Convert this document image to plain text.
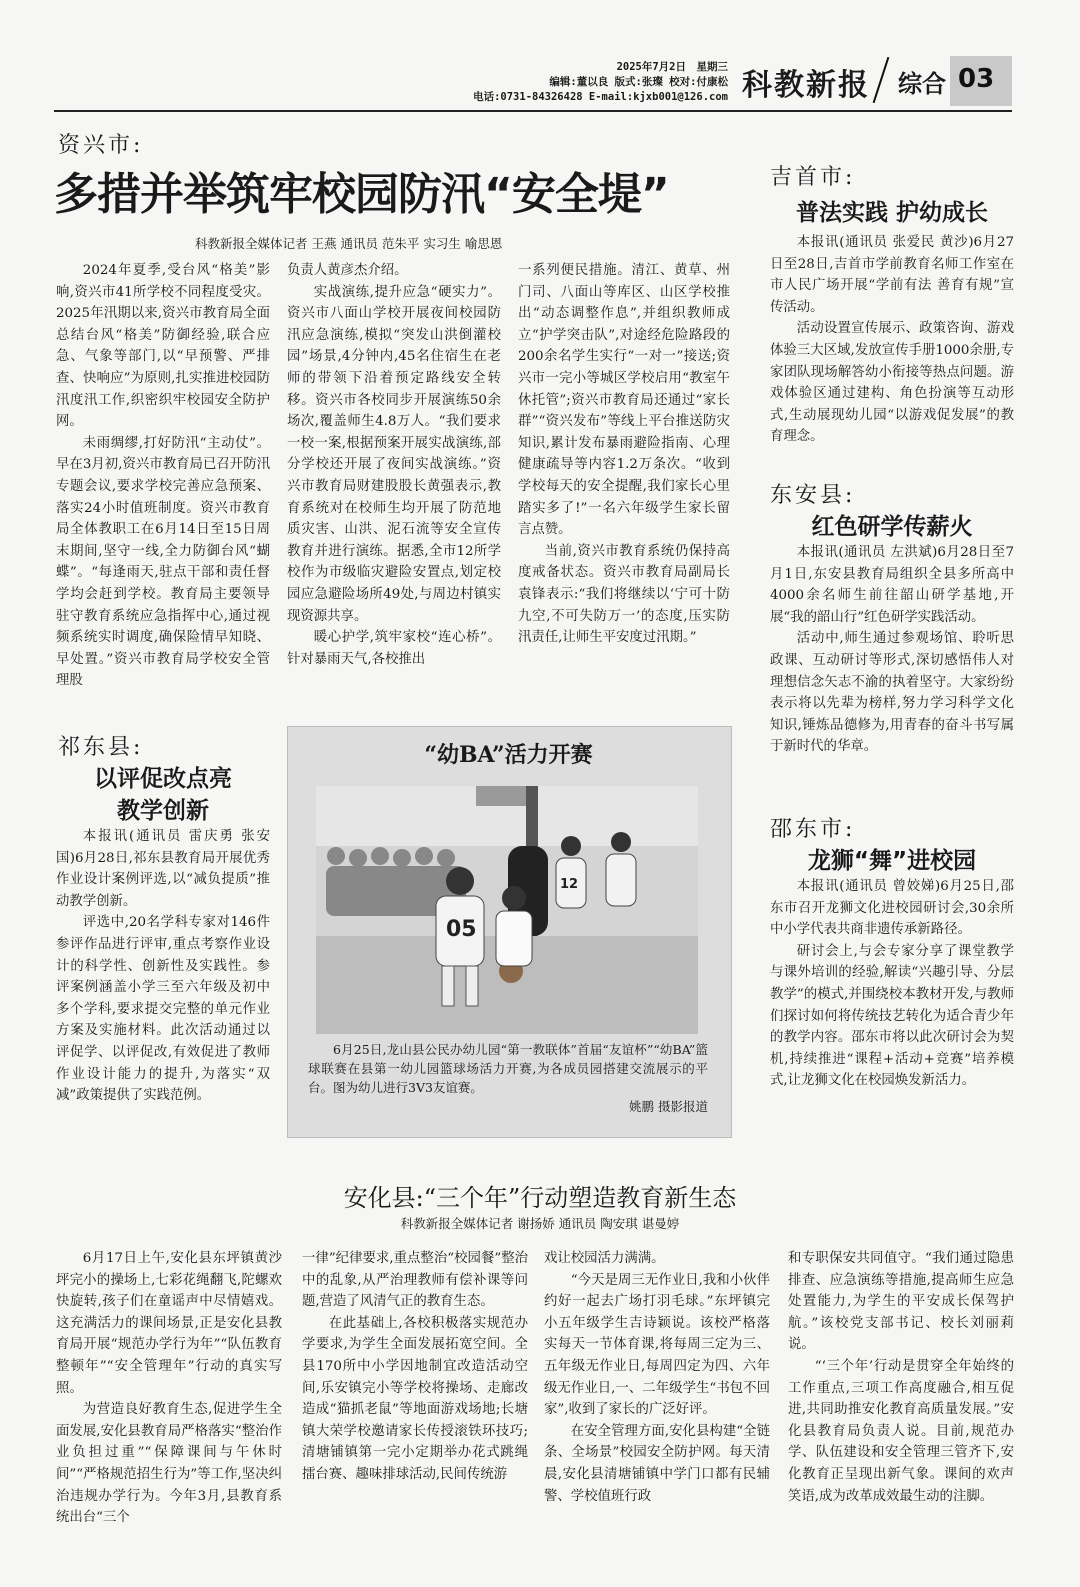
2025年7月2日　星期三
编辑:董以良 版式:张璨 校对:付康松
电话:0731-84326428 E-mail:kjxb001@126.com 科教新报 综合 03
资兴市:
多措并举筑牢校园防汛“安全堤”
科教新报全媒体记者 王燕 通讯员 范朱平 实习生 喻思恩

2024年夏季,受台风“格美”影响,资兴市41所学校不同程度受灾。2025年汛期以来,资兴市教育局全面总结台风“格美”防御经验,联合应急、气象等部门,以“早预警、严排查、快响应”为原则,扎实推进校园防汛度汛工作,织密织牢校园安全防护网。

未雨绸缪,打好防汛“主动仗”。早在3月初,资兴市教育局已召开防汛专题会议,要求学校完善应急预案、落实24小时值班制度。资兴市教育局全体教职工在6月14日至15日周末期间,坚守一线,全力防御台风“蝴蝶”。“每逢雨天,驻点干部和责任督学均会赶到学校。教育局主要领导驻守教育系统应急指挥中心,通过视频系统实时调度,确保险情早知晓、早处置。”资兴市教育局学校安全管理股

负责人黄彦杰介绍。

实战演练,提升应急“硬实力”。资兴市八面山学校开展夜间校园防汛应急演练,模拟“突发山洪倒灌校园”场景,4分钟内,45名住宿生在老师的带领下沿着预定路线安全转移。资兴市各校同步开展演练50余场次,覆盖师生4.8万人。“我们要求一校一案,根据预案开展实战演练,部分学校还开展了夜间实战演练。”资兴市教育局财建股股长黄强表示,教育系统对在校师生均开展了防范地质灾害、山洪、泥石流等安全宣传教育并进行演练。据悉,全市12所学校作为市级临灾避险安置点,划定校园应急避险场所49处,与周边村镇实现资源共享。

暖心护学,筑牢家校“连心桥”。针对暴雨天气,各校推出

一系列便民措施。清江、黄草、州门司、八面山等库区、山区学校推出“动态调整作息”,并组织教师成立“护学突击队”,对途经危险路段的200余名学生实行“一对一”接送;资兴市一完小等城区学校启用“教室午休托管”;资兴市教育局还通过“家长群”“资兴发布”等线上平台推送防灾知识,累计发布暴雨避险指南、心理健康疏导等内容1.2万条次。“收到学校每天的安全提醒,我们家长心里踏实多了!”一名六年级学生家长留言点赞。

当前,资兴市教育系统仍保持高度戒备状态。资兴市教育局副局长袁锋表示:“我们将继续以‘宁可十防九空,不可失防万一’的态度,压实防汛责任,让师生平安度过汛期。”

吉首市:
普法实践 护幼成长

本报讯(通讯员 张爱民 黄沙)6月27日至28日,吉首市学前教育名师工作室在市人民广场开展“学前有法 善育有规”宣传活动。

活动设置宣传展示、政策咨询、游戏体验三大区域,发放宣传手册1000余册,专家团队现场解答幼小衔接等热点问题。游戏体验区通过建构、角色扮演等互动形式,生动展现幼儿园“以游戏促发展”的教育理念。

东安县:
红色研学传薪火

本报讯(通讯员 左洪斌)6月28日至7月1日,东安县教育局组织全县多所高中4000余名师生前往韶山研学基地,开展“我的韶山行”红色研学实践活动。

活动中,师生通过参观场馆、聆听思政课、互动研讨等形式,深切感悟伟人对理想信念矢志不渝的执着坚守。大家纷纷表示将以先辈为榜样,努力学习科学文化知识,锤炼品德修为,用青春的奋斗书写属于新时代的华章。

邵东市:
龙狮“舞”进校园

本报讯(通讯员 曾姣娣)6月25日,邵东市召开龙狮文化进校园研讨会,30余所中小学代表共商非遗传承新路径。

研讨会上,与会专家分享了课堂教学与课外培训的经验,解读“兴趣引导、分层教学”的模式,并围绕校本教材开发,与教师们探讨如何将传统技艺转化为适合青少年的教学内容。邵东市将以此次研讨会为契机,持续推进“课程+活动+竞赛”培养模式,让龙狮文化在校园焕发新活力。

祁东县:
以评促改点亮
教学创新

本报讯(通讯员 雷庆勇 张安国)6月28日,祁东县教育局开展优秀作业设计案例评选,以“减负提质”推动教学创新。

评选中,20名学科专家对146件参评作品进行评审,重点考察作业设计的科学性、创新性及实践性。参评案例涵盖小学三至六年级及初中多个学科,要求提交完整的单元作业方案及实施材料。此次活动通过以评促学、以评促改,有效促进了教师作业设计能力的提升,为落实“双减”政策提供了实践范例。

“幼BA”活力开赛
05
12

6月25日,龙山县公民办幼儿园“第一教联体”首届“友谊杯”“幼BA”篮球联赛在县第一幼儿园篮球场活力开赛,为各成员园搭建交流展示的平台。图为幼儿进行3V3友谊赛。

姚鹏 摄影报道

安化县:“三个年”行动塑造教育新生态
科教新报全媒体记者 谢扬娇 通讯员 陶安琪 谌曼婷

6月17日上午,安化县东坪镇黄沙坪完小的操场上,七彩花绳翻飞,陀螺欢快旋转,孩子们在童谣声中尽情嬉戏。这充满活力的课间场景,正是安化县教育局开展“规范办学行为年”“队伍教育整顿年”“安全管理年”行动的真实写照。

为营造良好教育生态,促进学生全面发展,安化县教育局严格落实“整治作业负担过重”“保障课间与午休时间”“严格规范招生行为”等工作,坚决纠治违规办学行为。今年3月,县教育系统出台“三个

一律”纪律要求,重点整治“校园餐”整治中的乱象,从严治理教师有偿补课等问题,营造了风清气正的教育生态。

在此基础上,各校积极落实规范办学要求,为学生全面发展拓宽空间。全县170所中小学因地制宜改造活动空间,乐安镇完小等学校将操场、走廊改造成“猫抓老鼠”等地面游戏场地;长塘镇大荣学校邀请家长传授滚铁环技巧;清塘铺镇第一完小定期举办花式跳绳擂台赛、趣味排球活动,民间传统游

戏让校园活力满满。

“今天是周三无作业日,我和小伙伴约好一起去广场打羽毛球。”东坪镇完小五年级学生吉诗颖说。该校严格落实每天一节体育课,将每周三定为三、五年级无作业日,每周四定为四、六年级无作业日,一、二年级学生“书包不回家”,收到了家长的广泛好评。

在安全管理方面,安化县构建“全链条、全场景”校园安全防护网。每天清晨,安化县清塘铺镇中学门口都有民辅警、学校值班行政

和专职保安共同值守。“我们通过隐患排查、应急演练等措施,提高师生应急处置能力,为学生的平安成长保驾护航。”该校党支部书记、校长刘丽莉说。

“‘三个年’行动是贯穿全年始终的工作重点,三项工作高度融合,相互促进,共同助推安化教育高质量发展。”安化县教育局负责人说。目前,规范办学、队伍建设和安全管理三管齐下,安化教育正呈现出新气象。课间的欢声笑语,成为改革成效最生动的注脚。
